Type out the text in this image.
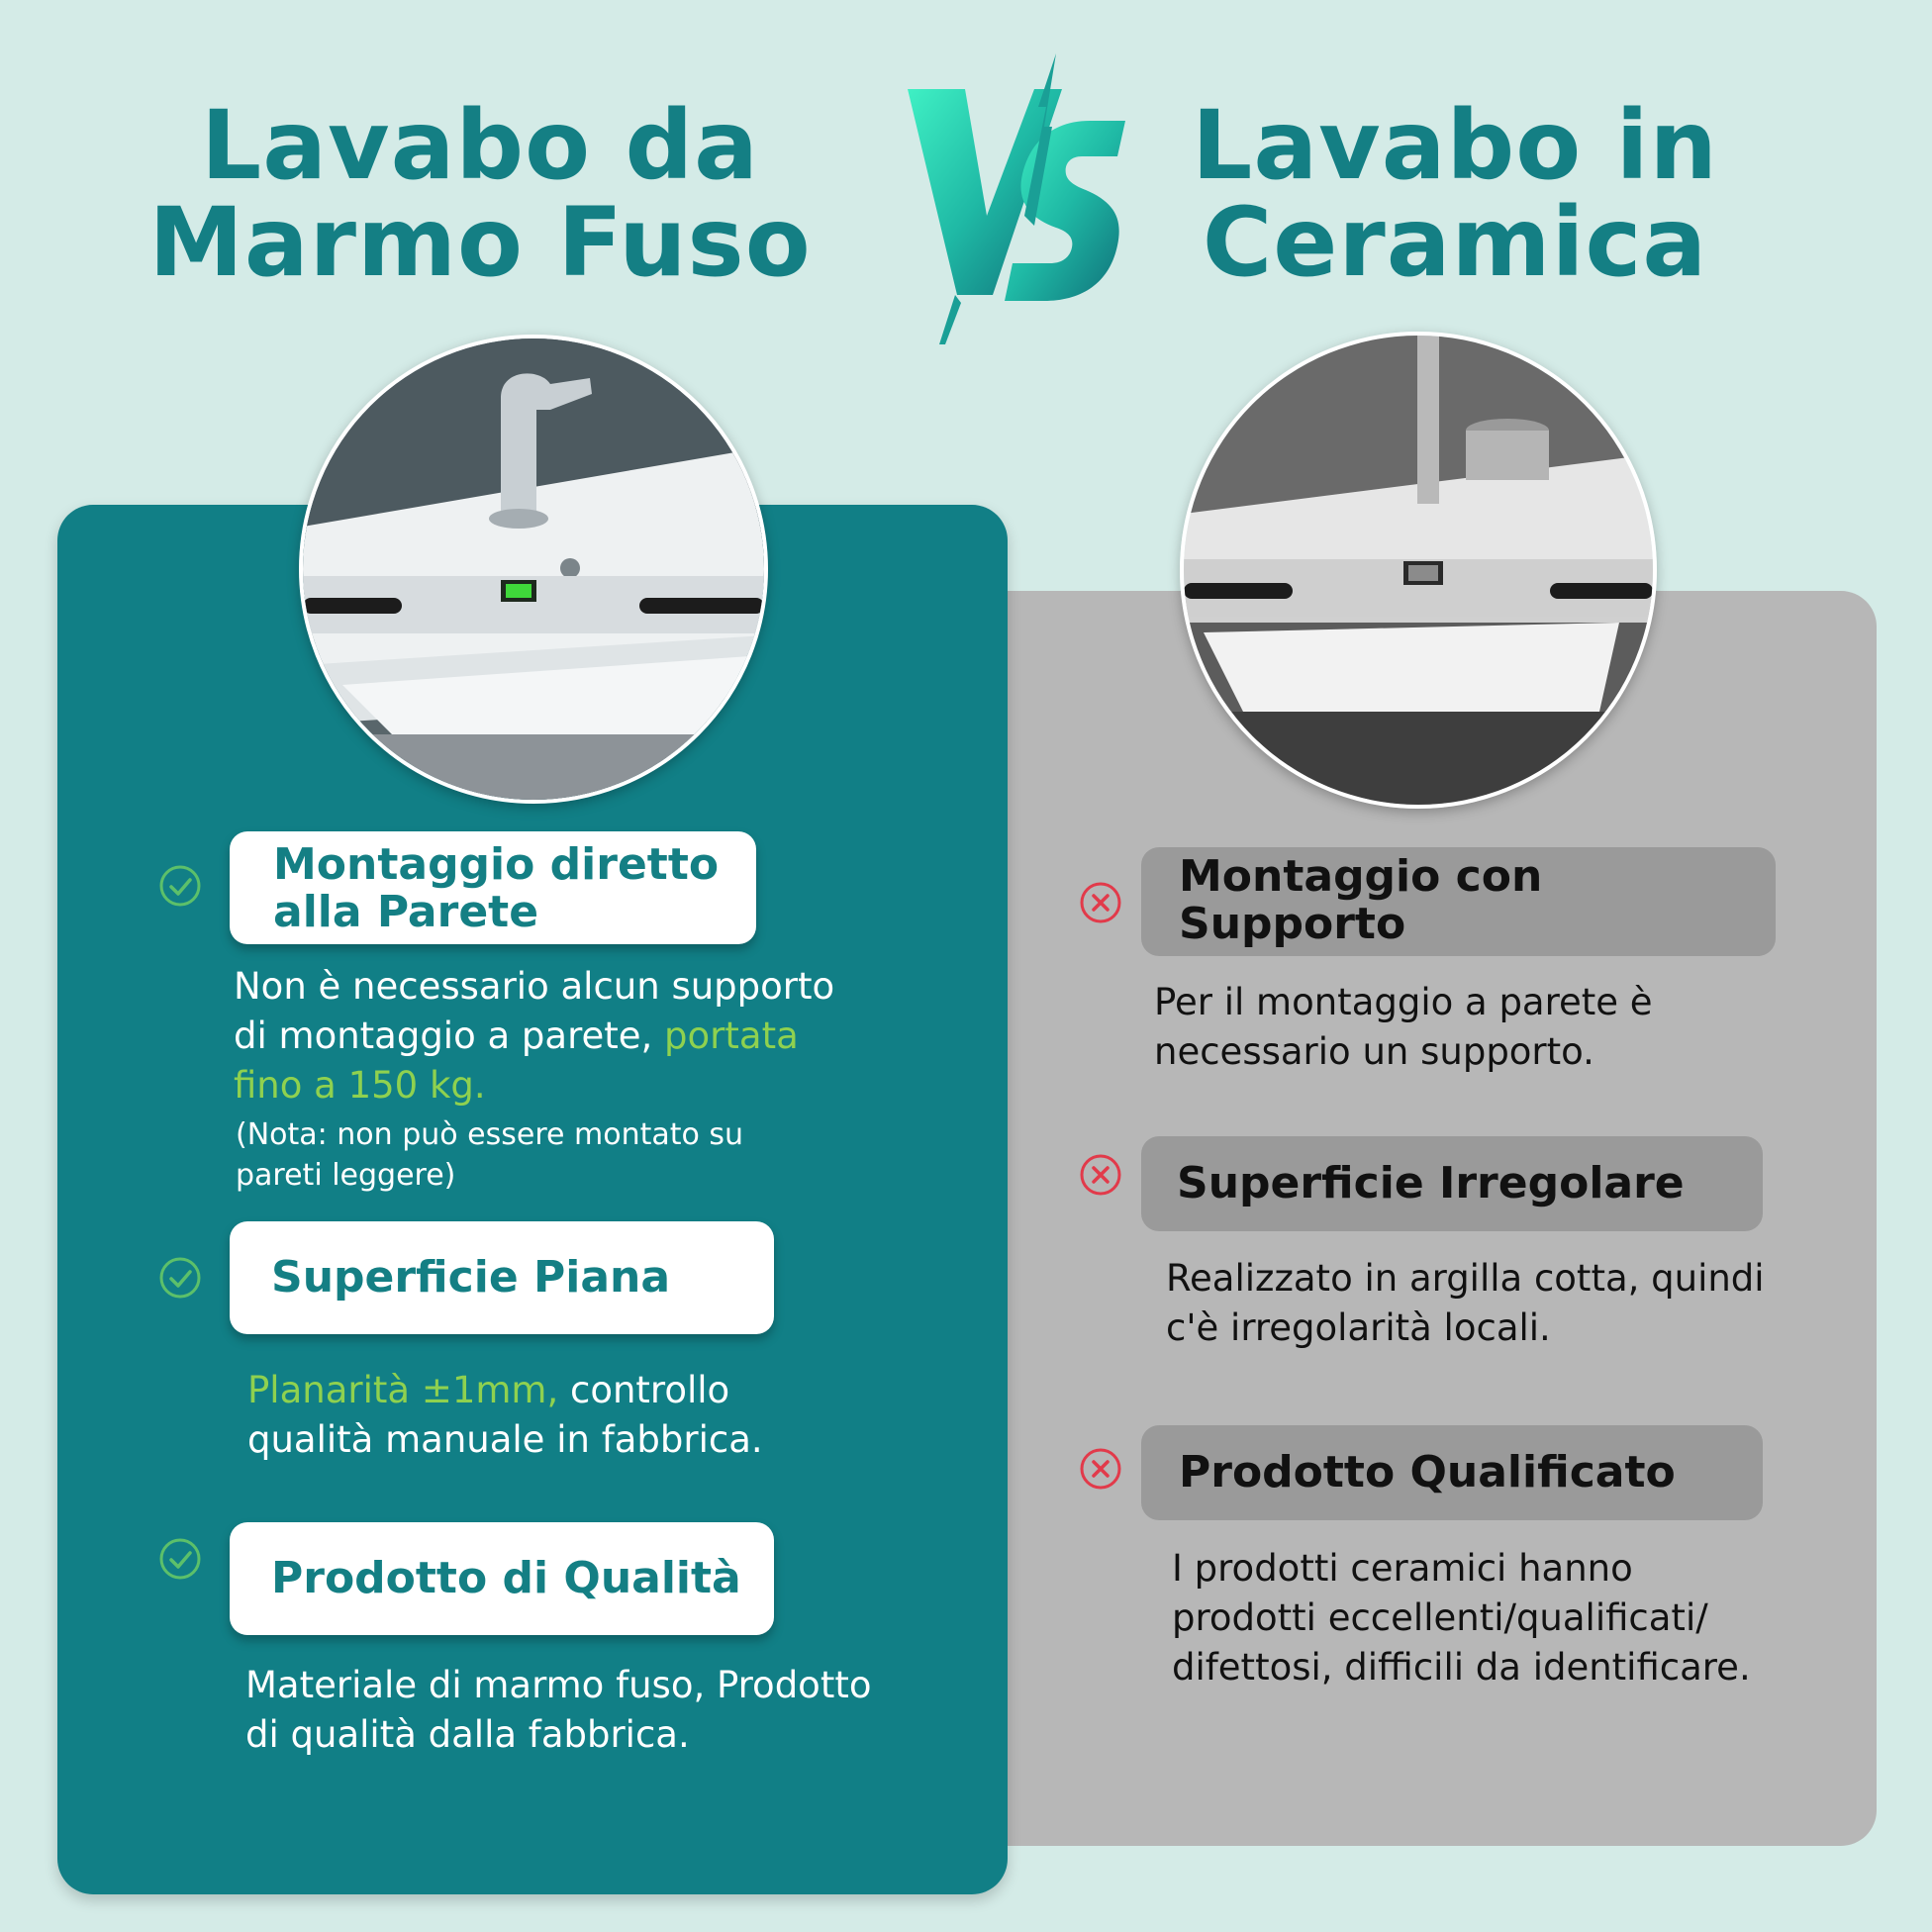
Lavabo da
Marmo Fuso
Lavabo in
Ceramica
Montaggio diretto
alla Parete
Non è necessario alcun supporto
di montaggio a parete, portata
fino a 150 kg.
(Nota: non può essere montato su
pareti leggere)
Superficie Piana
Planarità ±1mm, controllo
qualità manuale in fabbrica.
Prodotto di Qualità
Materiale di marmo fuso, Prodotto
di qualità dalla fabbrica.
Montaggio con
Supporto
Per il montaggio a parete è
necessario un supporto.
Superficie Irregolare
Realizzato in argilla cotta, quindi
c'è irregolarità locali.
Prodotto Qualificato
I prodotti ceramici hanno
prodotti eccellenti/qualificati/
difettosi, difficili da identificare.
